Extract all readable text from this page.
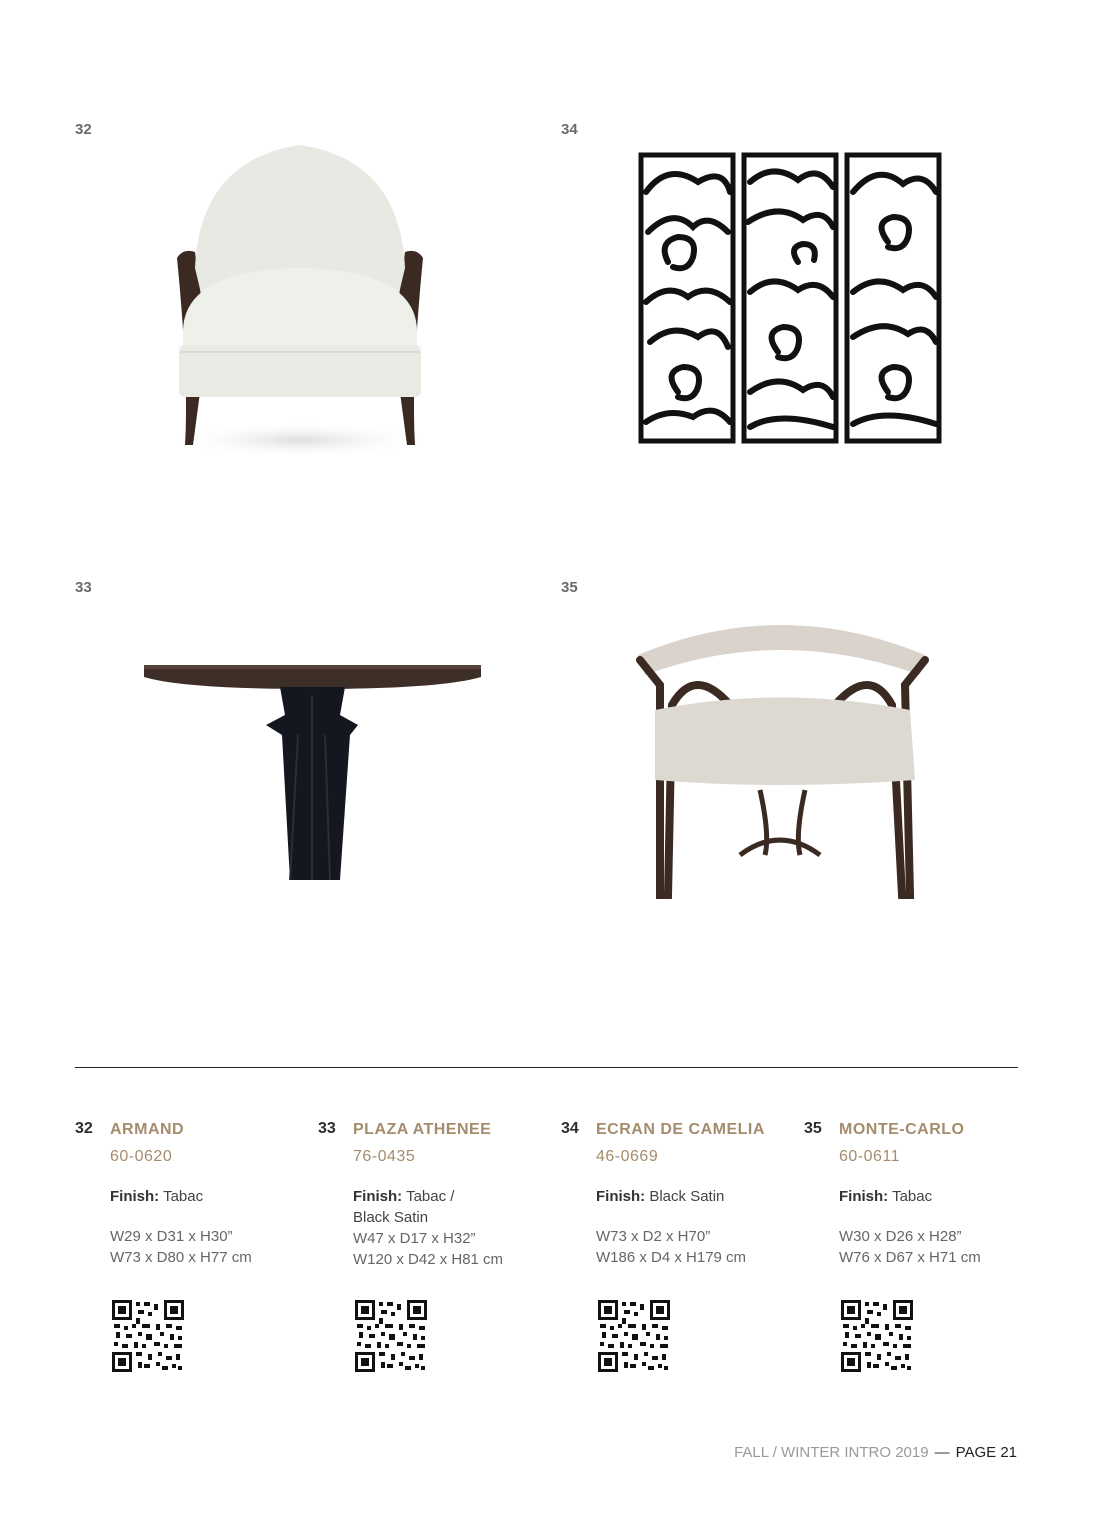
32	34
33	35
32 ARMAND
60-0620
Finish: Tabac
W29 x D31 x H30”
W73 x D80 x H77 cm
33 PLAZA ATHENEE
76-0435
Finish: Tabac /
Black Satin
W47 x D17 x H32”
W120 x D42 x H81 cm
34 ECRAN DE CAMELIA
46-0669
Finish: Black Satin
W73 x D2 x H70”
W186 x D4 x H179 cm
35 MONTE-CARLO
60-0611
Finish: Tabac
W30 x D26 x H28”
W76 x D67 x H71 cm
FALL / WINTER INTRO 2019 — PAGE 21
